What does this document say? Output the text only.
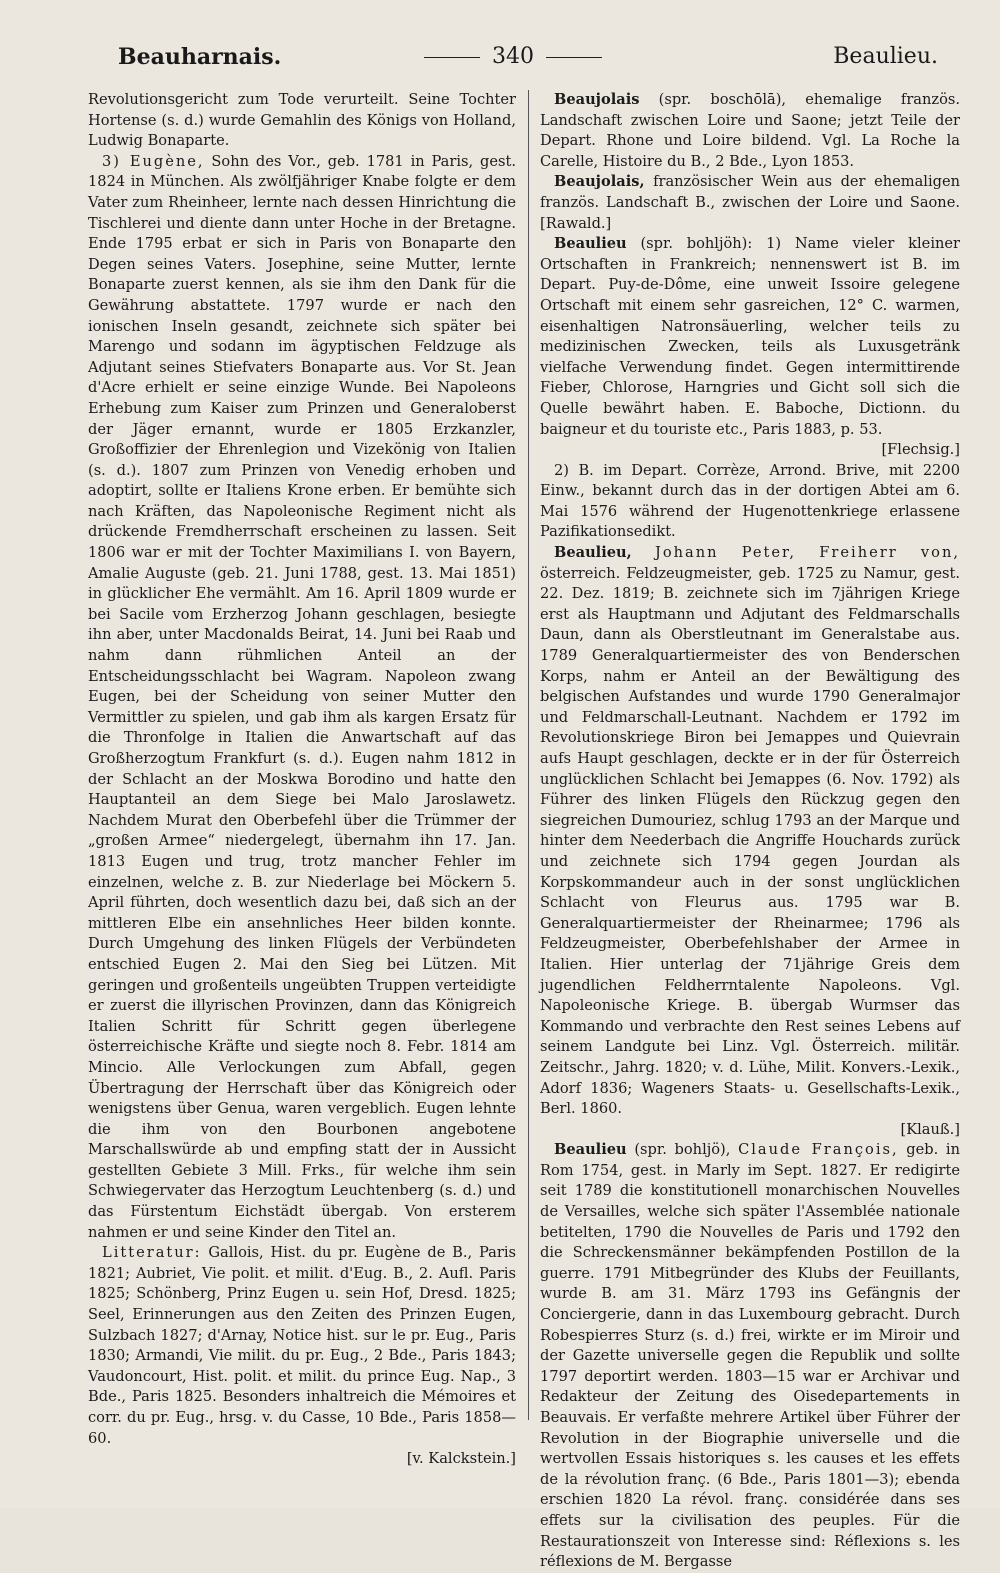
Beauharnais.	340	Beaulieu.

Revolutionsgericht zum Tode verurteilt. Seine Tochter Hortense (s. d.) wurde Gemahlin des Königs von Holland, Ludwig Bonaparte.

3) Eugène, Sohn des Vor., geb. 1781 in Paris, gest. 1824 in München. Als zwölfjähriger Knabe folgte er dem Vater zum Rheinheer, lernte nach dessen Hinrichtung die Tischlerei und diente dann unter Hoche in der Bretagne. Ende 1795 erbat er sich in Paris von Bonaparte den Degen seines Vaters. Josephine, seine Mutter, lernte Bonaparte zuerst kennen, als sie ihm den Dank für die Gewährung abstattete. 1797 wurde er nach den ionischen Inseln gesandt, zeichnete sich später bei Marengo und sodann im ägyptischen Feldzuge als Adjutant seines Stiefvaters Bonaparte aus. Vor St. Jean d'Acre erhielt er seine einzige Wunde. Bei Napoleons Erhebung zum Kaiser zum Prinzen und Generaloberst der Jäger ernannt, wurde er 1805 Erzkanzler, Großoffizier der Ehrenlegion und Vizekönig von Italien (s. d.). 1807 zum Prinzen von Venedig erhoben und adoptirt, sollte er Italiens Krone erben. Er bemühte sich nach Kräften, das Napoleonische Regiment nicht als drückende Fremdherrschaft erscheinen zu lassen. Seit 1806 war er mit der Tochter Maximilians I. von Bayern, Amalie Auguste (geb. 21. Juni 1788, gest. 13. Mai 1851) in glücklicher Ehe vermählt. Am 16. April 1809 wurde er bei Sacile vom Erzherzog Johann geschlagen, besiegte ihn aber, unter Macdonalds Beirat, 14. Juni bei Raab und nahm dann rühmlichen Anteil an der Entscheidungsschlacht bei Wagram. Napoleon zwang Eugen, bei der Scheidung von seiner Mutter den Vermittler zu spielen, und gab ihm als kargen Ersatz für die Thronfolge in Italien die Anwartschaft auf das Großherzogtum Frankfurt (s. d.). Eugen nahm 1812 in der Schlacht an der Moskwa Borodino und hatte den Hauptanteil an dem Siege bei Malo Jaroslawetz. Nachdem Murat den Oberbefehl über die Trümmer der „großen Armee“ niedergelegt, übernahm ihn 17. Jan. 1813 Eugen und trug, trotz mancher Fehler im einzelnen, welche z. B. zur Niederlage bei Möckern 5. April führten, doch wesentlich dazu bei, daß sich an der mittleren Elbe ein ansehnliches Heer bilden konnte. Durch Umgehung des linken Flügels der Verbündeten entschied Eugen 2. Mai den Sieg bei Lützen. Mit geringen und großenteils ungeübten Truppen verteidigte er zuerst die illyrischen Provinzen, dann das Königreich Italien Schritt für Schritt gegen überlegene österreichische Kräfte und siegte noch 8. Febr. 1814 am Mincio. Alle Verlockungen zum Abfall, gegen Übertragung der Herrschaft über das Königreich oder wenigstens über Genua, waren vergeblich. Eugen lehnte die ihm von den Bourbonen angebotene Marschallswürde ab und empfing statt der in Aussicht gestellten Gebiete 3 Mill. Frks., für welche ihm sein Schwiegervater das Herzogtum Leuchtenberg (s. d.) und das Fürstentum Eichstädt übergab. Von ersterem nahmen er und seine Kinder den Titel an.

Litteratur: Gallois, Hist. du pr. Eugène de B., Paris 1821; Aubriet, Vie polit. et milit. d'Eug. B., 2. Aufl. Paris 1825; Schönberg, Prinz Eugen u. sein Hof, Dresd. 1825; Seel, Erinnerungen aus den Zeiten des Prinzen Eugen, Sulzbach 1827; d'Arnay, Notice hist. sur le pr. Eug., Paris 1830; Armandi, Vie milit. du pr. Eug., 2 Bde., Paris 1843; Vaudoncourt, Hist. polit. et milit. du prince Eug. Nap., 3 Bde., Paris 1825. Besonders inhaltreich die Mémoires et corr. du pr. Eug., hrsg. v. du Casse, 10 Bde., Paris 1858—60.

[v. Kalckstein.]

Beaujolais (spr. boschōlā), ehemalige französ. Landschaft zwischen Loire und Saone; jetzt Teile der Depart. Rhone und Loire bildend. Vgl. La Roche la Carelle, Histoire du B., 2 Bde., Lyon 1853.

Beaujolais, französischer Wein aus der ehemaligen französ. Landschaft B., zwischen der Loire und Saone. [Rawald.]

Beaulieu (spr. bohljöh): 1) Name vieler kleiner Ortschaften in Frankreich; nennenswert ist B. im Depart. Puy-de-Dôme, eine unweit Issoire gelegene Ortschaft mit einem sehr gasreichen, 12° C. warmen, eisenhaltigen Natronsäuerling, welcher teils zu medizinischen Zwecken, teils als Luxusgetränk vielfache Verwendung findet. Gegen intermittirende Fieber, Chlorose, Harngries und Gicht soll sich die Quelle bewährt haben. E. Baboche, Dictionn. du baigneur et du touriste etc., Paris 1883, p. 53.

[Flechsig.]

2) B. im Depart. Corrèze, Arrond. Brive, mit 2200 Einw., bekannt durch das in der dortigen Abtei am 6. Mai 1576 während der Hugenottenkriege erlassene Pazifikationsedikt.

Beaulieu, Johann Peter, Freiherr von, österreich. Feldzeugmeister, geb. 1725 zu Namur, gest. 22. Dez. 1819; B. zeichnete sich im 7jährigen Kriege erst als Hauptmann und Adjutant des Feldmarschalls Daun, dann als Oberstleutnant im Generalstabe aus. 1789 Generalquartiermeister des von Benderschen Korps, nahm er Anteil an der Bewältigung des belgischen Aufstandes und wurde 1790 Generalmajor und Feldmarschall-Leutnant. Nachdem er 1792 im Revolutionskriege Biron bei Jemappes und Quievrain aufs Haupt geschlagen, deckte er in der für Österreich unglücklichen Schlacht bei Jemappes (6. Nov. 1792) als Führer des linken Flügels den Rückzug gegen den siegreichen Dumouriez, schlug 1793 an der Marque und hinter dem Neederbach die Angriffe Houchards zurück und zeichnete sich 1794 gegen Jourdan als Korpskommandeur auch in der sonst unglücklichen Schlacht von Fleurus aus. 1795 war B. Generalquartiermeister der Rheinarmee; 1796 als Feldzeugmeister, Oberbefehlshaber der Armee in Italien. Hier unterlag der 71jährige Greis dem jugendlichen Feldherrntalente Napoleons. Vgl. Napoleonische Kriege. B. übergab Wurmser das Kommando und verbrachte den Rest seines Lebens auf seinem Landgute bei Linz. Vgl. Österreich. militär. Zeitschr., Jahrg. 1820; v. d. Lühe, Milit. Konvers.-Lexik., Adorf 1836; Wageners Staats- u. Gesellschafts-Lexik., Berl. 1860.

[Klauß.]

Beaulieu (spr. bohljö), Claude François, geb. in Rom 1754, gest. in Marly im Sept. 1827. Er redigirte seit 1789 die konstitutionell monarchischen Nouvelles de Versailles, welche sich später l'Assemblée nationale betitelten, 1790 die Nouvelles de Paris und 1792 den die Schreckensmänner bekämpfenden Postillon de la guerre. 1791 Mitbegründer des Klubs der Feuillants, wurde B. am 31. März 1793 ins Gefängnis der Conciergerie, dann in das Luxembourg gebracht. Durch Robespierres Sturz (s. d.) frei, wirkte er im Miroir und der Gazette universelle gegen die Republik und sollte 1797 deportirt werden. 1803—15 war er Archivar und Redakteur der Zeitung des Oisedepartements in Beauvais. Er verfaßte mehrere Artikel über Führer der Revolution in der Biographie universelle und die wertvollen Essais historiques s. les causes et les effets de la révolution franç. (6 Bde., Paris 1801—3); ebenda erschien 1820 La révol. franç. considérée dans ses effets sur la civilisation des peuples. Für die Restaurationszeit von Interesse sind: Réflexions s. les réflexions de M. Bergasse
